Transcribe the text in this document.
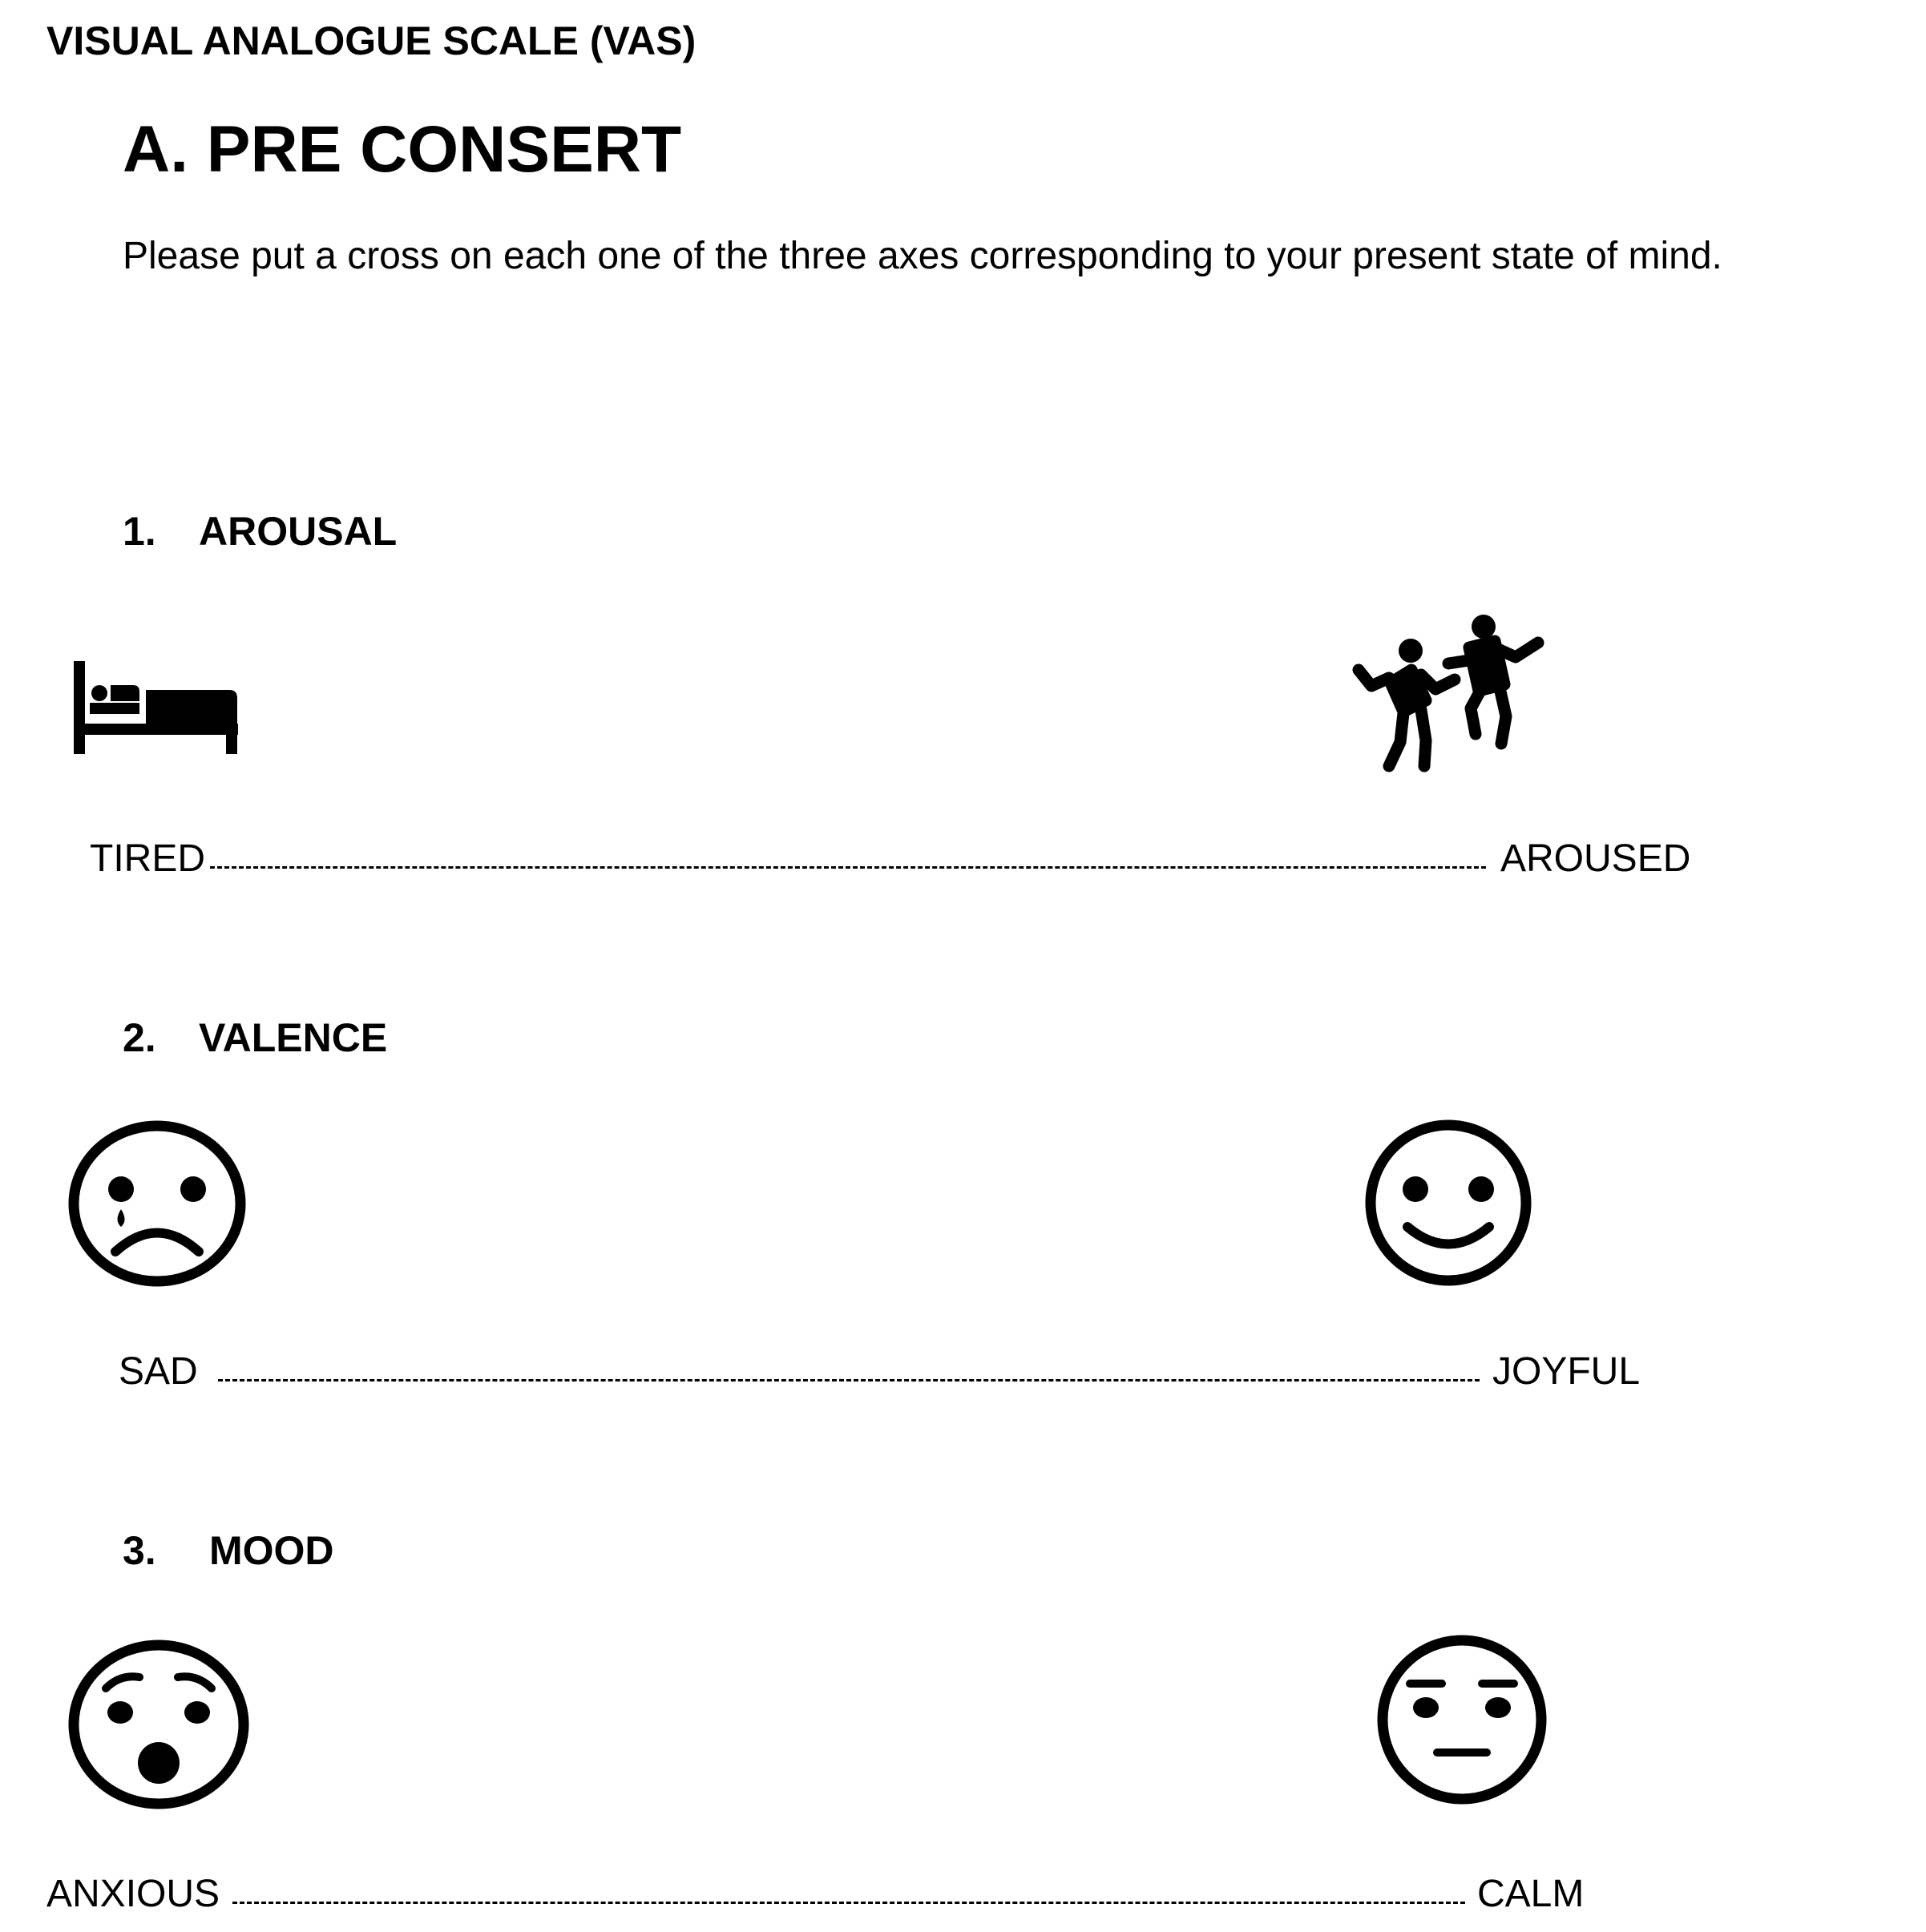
VISUAL ANALOGUE SCALE (VAS)
A. PRE CONSERT
Please put a cross on each one of the three axes corresponding to your present state of mind.
1. AROUSAL
TIRED	AROUSED
2. VALENCE
SAD	JOYFUL
3. MOOD
ANXIOUS	CALM
